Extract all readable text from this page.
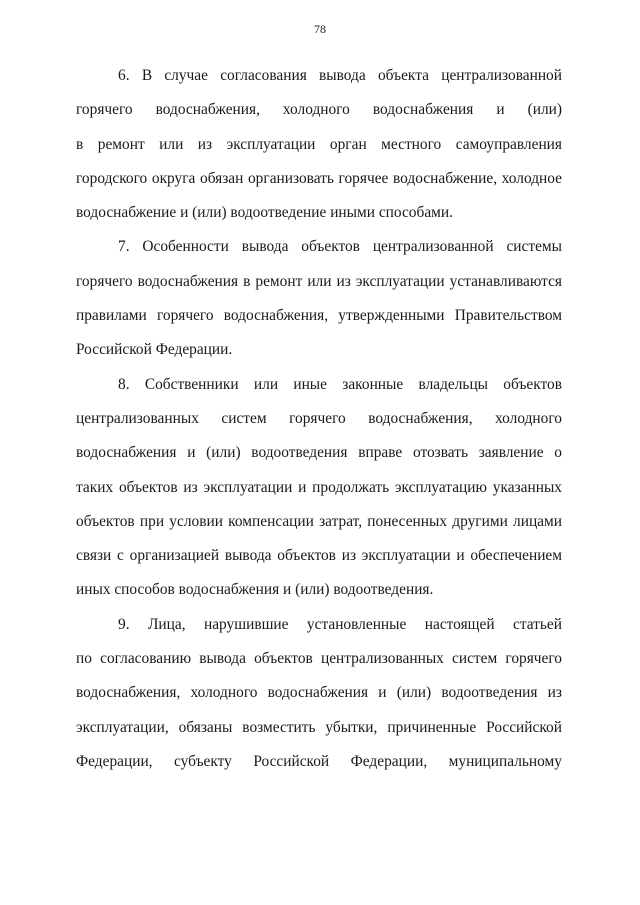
78
6. В случае согласования вывода объекта централизованной
горячего водоснабжения, холодного водоснабжения и (или)
в ремонт или из эксплуатации орган местного самоуправления
городского округа обязан организовать горячее водоснабжение, холодное
водоснабжение и (или) водоотведение иными способами.
7. Особенности вывода объектов централизованной системы
горячего водоснабжения в ремонт или из эксплуатации устанавливаются
правилами горячего водоснабжения, утвержденными Правительством
Российской Федерации.
8. Собственники или иные законные владельцы объектов
централизованных систем горячего водоснабжения, холодного
водоснабжения и (или) водоотведения вправе отозвать заявление о
таких объектов из эксплуатации и продолжать эксплуатацию указанных
объектов при условии компенсации затрат, понесенных другими лицами
связи с организацией вывода объектов из эксплуатации и обеспечением
иных способов водоснабжения и (или) водоотведения.
9. Лица, нарушившие установленные настоящей статьей
по согласованию вывода объектов централизованных систем горячего
водоснабжения, холодного водоснабжения и (или) водоотведения из
эксплуатации, обязаны возместить убытки, причиненные Российской
Федерации, субъекту Российской Федерации, муниципальному
